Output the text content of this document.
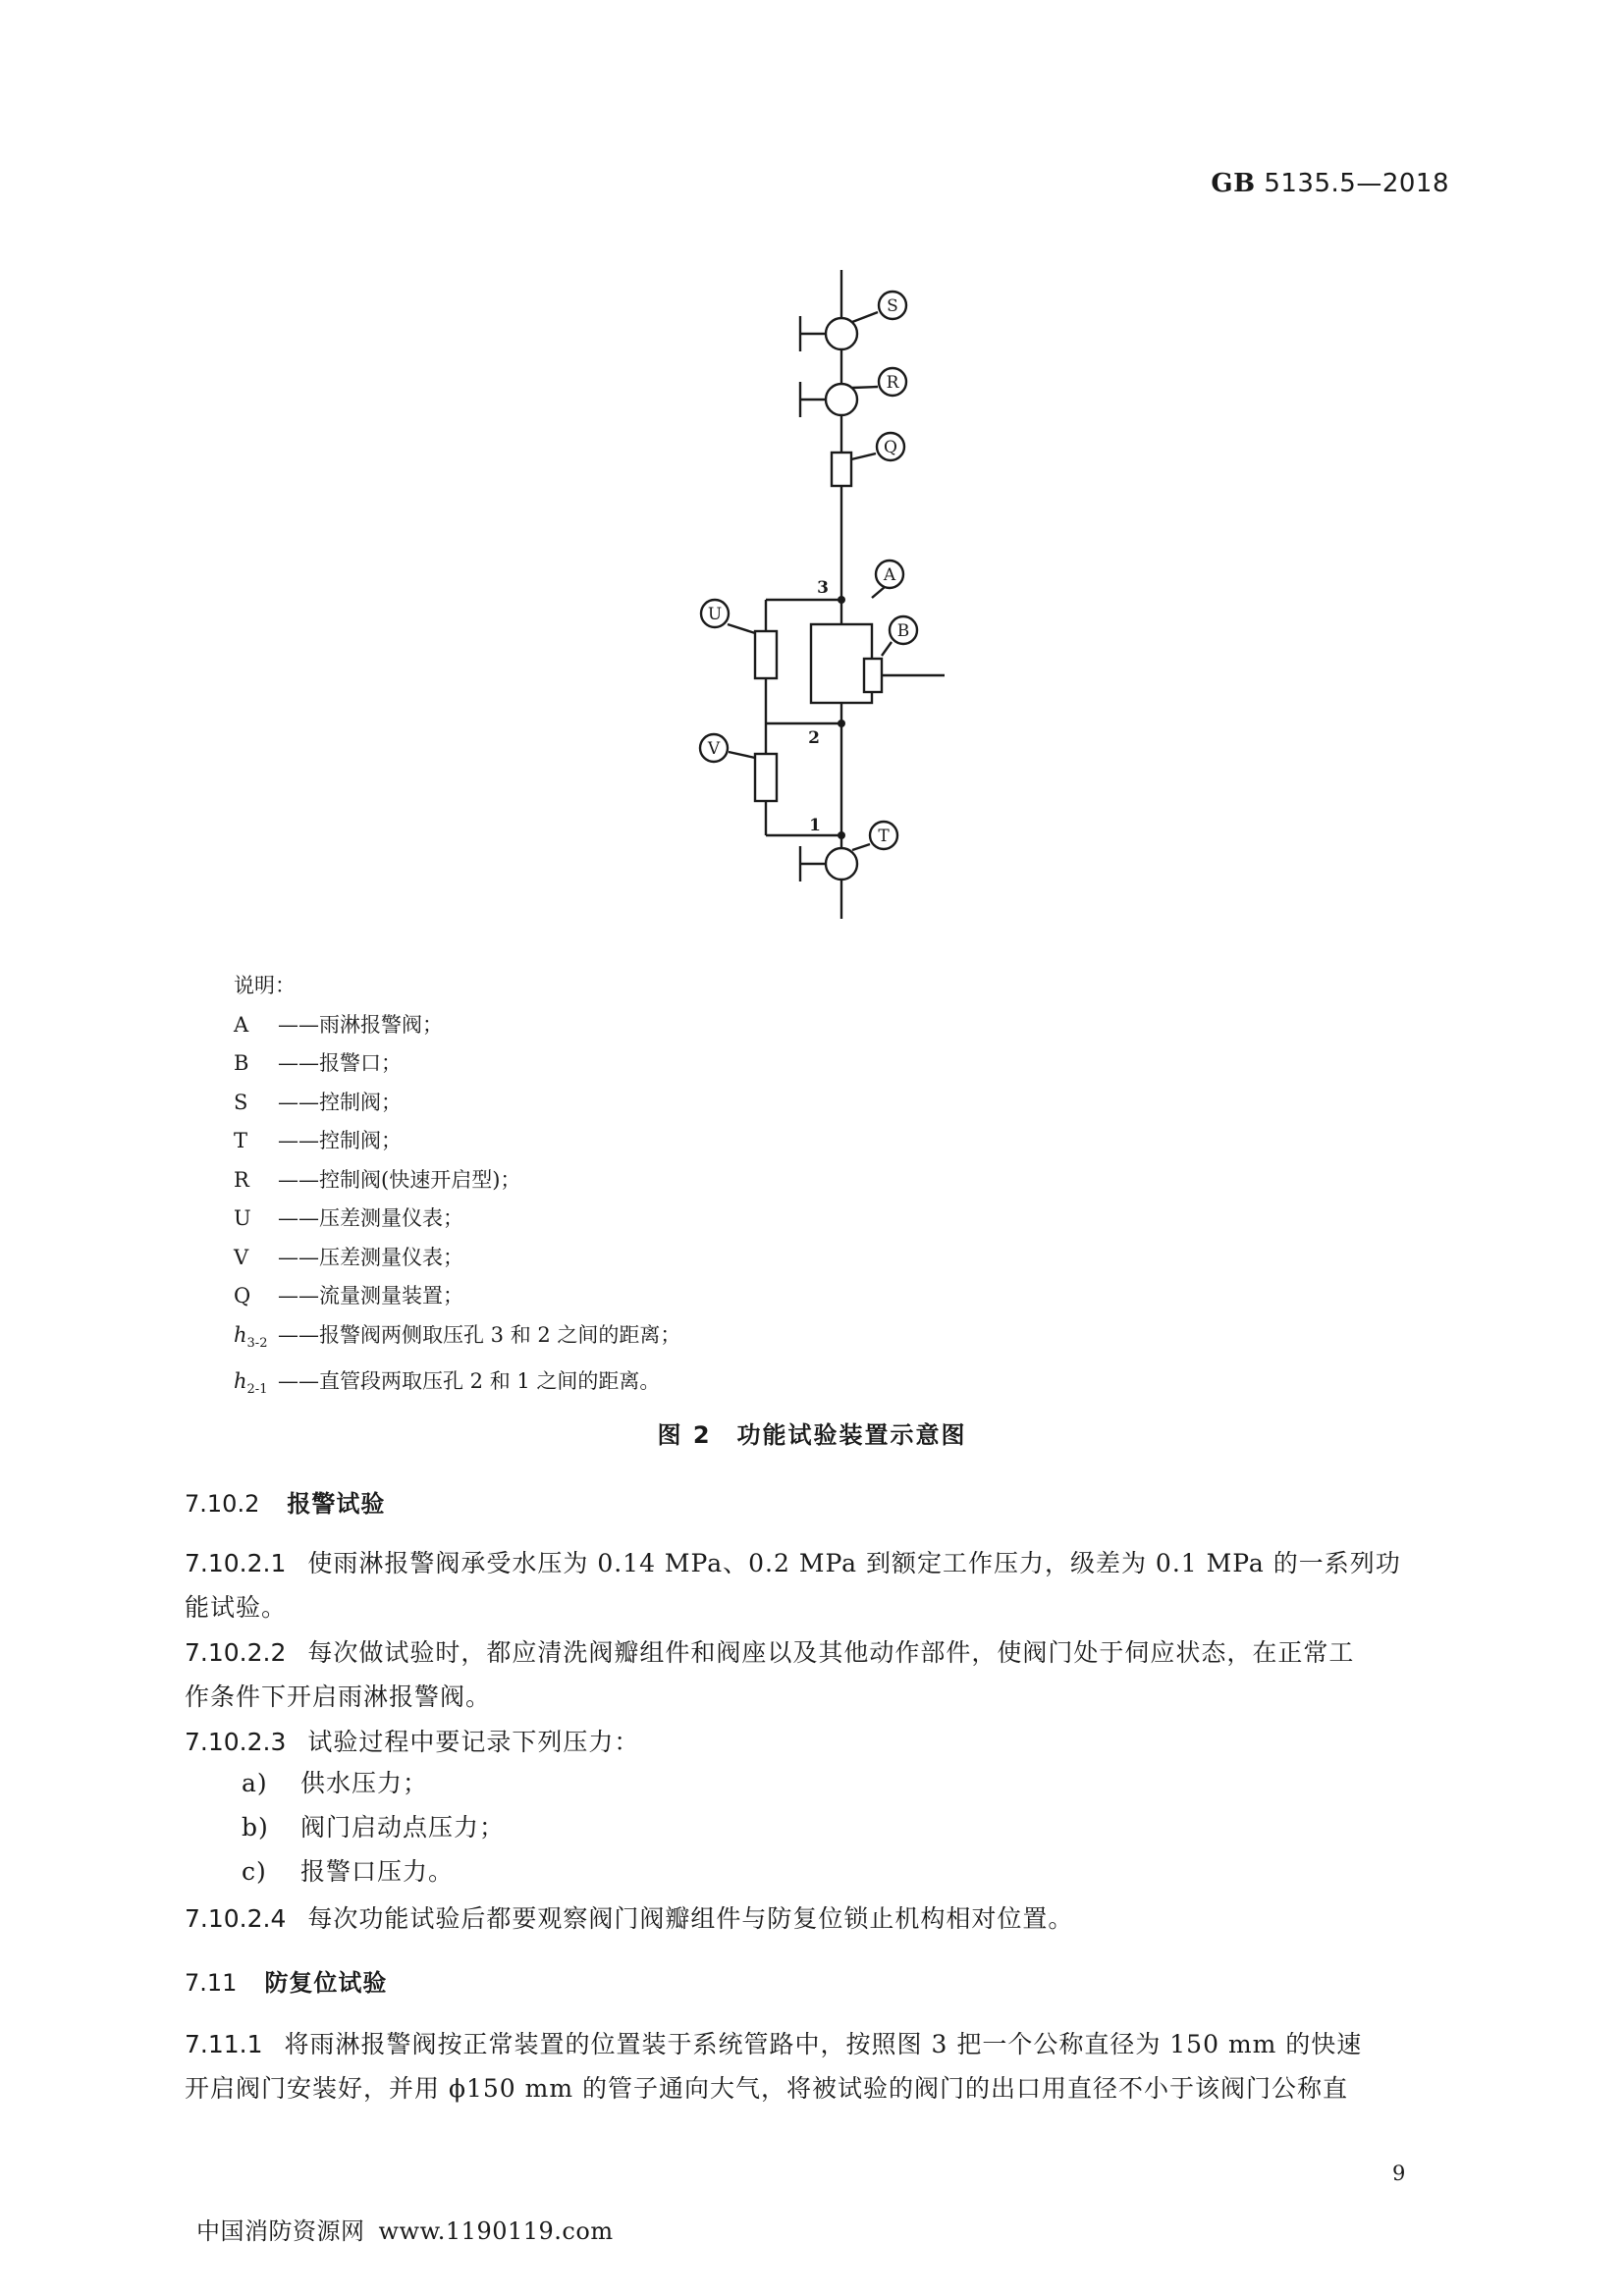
GB 5135.5—2018
S
R
Q
A
B
U
V
T
3
2
1
说明：
A	—— 雨淋报警阀；
B	—— 报警口；
S	—— 控制阀；
T	—— 控制阀；
R	—— 控制阀(快速开启型)；
U	—— 压差测量仪表；
V	—— 压差测量仪表；
Q	—— 流量测量装置；
$h_{3-2}$ —— 报警阀两侧取压孔 3 和 2 之间的距离；
$h_{2-1}$ —— 直管段两取压孔 2 和 1 之间的距离。
图 2　功能试验装置示意图
7.10.2 报警试验
7.10.2.1 使雨淋报警阀承受水压为 0.14 MPa、0.2 MPa 到额定工作压力，级差为 0.1 MPa 的一系列功
能试验。
7.10.2.2 每次做试验时，都应清洗阀瓣组件和阀座以及其他动作部件，使阀门处于伺应状态，在正常工
作条件下开启雨淋报警阀。
7.10.2.3 试验过程中要记录下列压力：
a) 供水压力；
b) 阀门启动点压力；
c) 报警口压力。
7.10.2.4 每次功能试验后都要观察阀门阀瓣组件与防复位锁止机构相对位置。
7.11 防复位试验
7.11.1 将雨淋报警阀按正常装置的位置装于系统管路中，按照图 3 把一个公称直径为 150 mm 的快速
开启阀门安装好，并用 ϕ150 mm 的管子通向大气，将被试验的阀门的出口用直径不小于该阀门公称直
9
中国消防资源网 www.1190119.com
